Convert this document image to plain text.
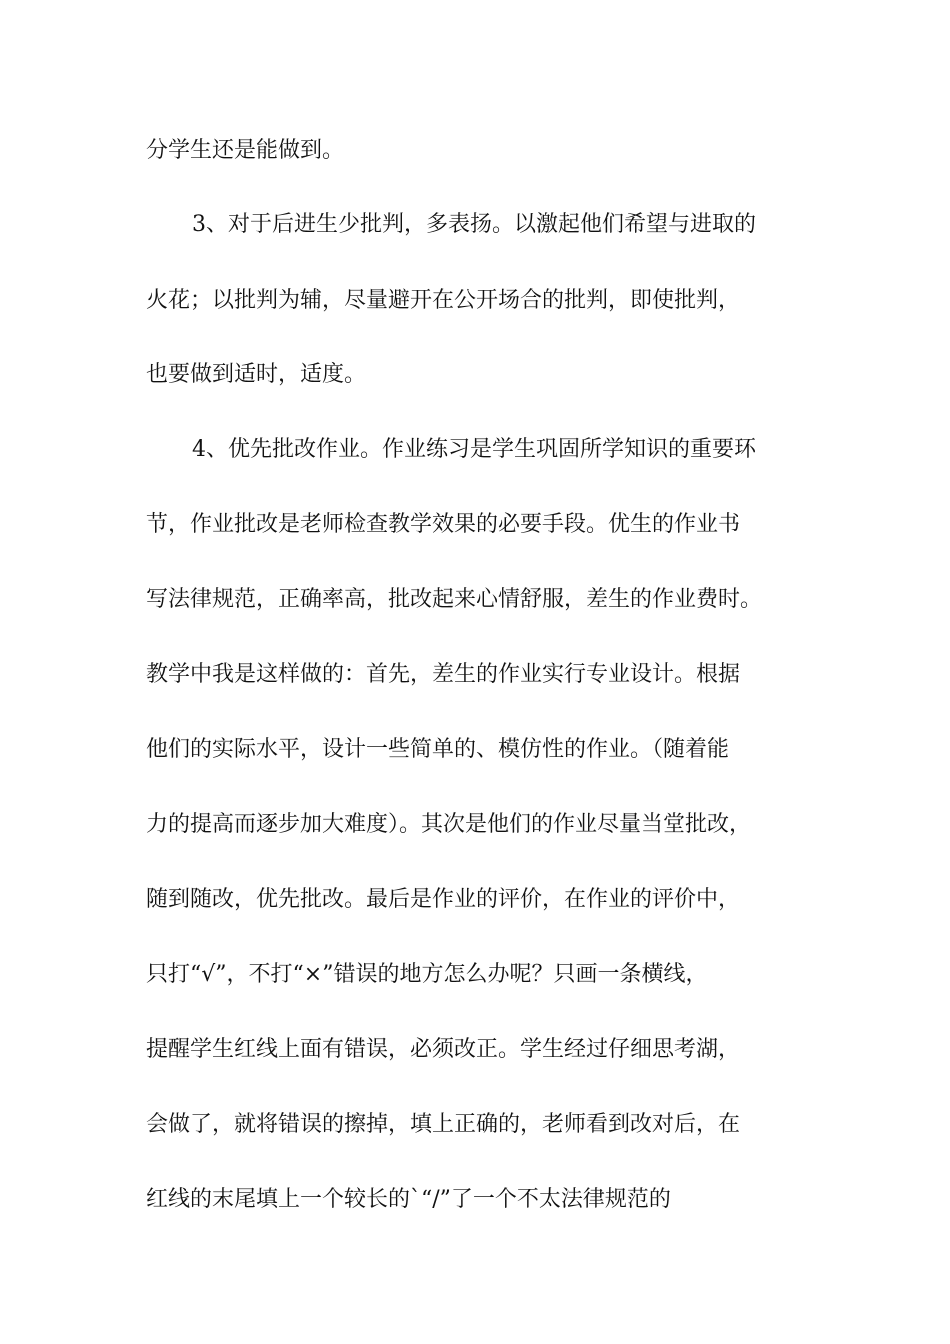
分学生还是能做到。
3、对于后进生少批判，多表扬。以激起他们希望与进取的
火花；以批判为辅，尽量避开在公开场合的批判，即使批判，
也要做到适时，适度。
4、优先批改作业。作业练习是学生巩固所学知识的重要环
节，作业批改是老师检查教学效果的必要手段。优生的作业书
写法律规范，正确率高，批改起来心情舒服，差生的作业费时。
教学中我是这样做的：首先，差生的作业实行专业设计。根据
他们的实际水平，设计一些简单的、模仿性的作业。（随着能
力的提高而逐步加大难度）。其次是他们的作业尽量当堂批改，
随到随改，优先批改。最后是作业的评价，在作业的评价中，
只打“√”，不打“×”错误的地方怎么办呢？只画一条横线，
提醒学生红线上面有错误，必须改正。学生经过仔细思考湖，
会做了，就将错误的擦掉，填上正确的，老师看到改对后，在
红线的末尾填上一个较长的`“/”了一个不太法律规范的
